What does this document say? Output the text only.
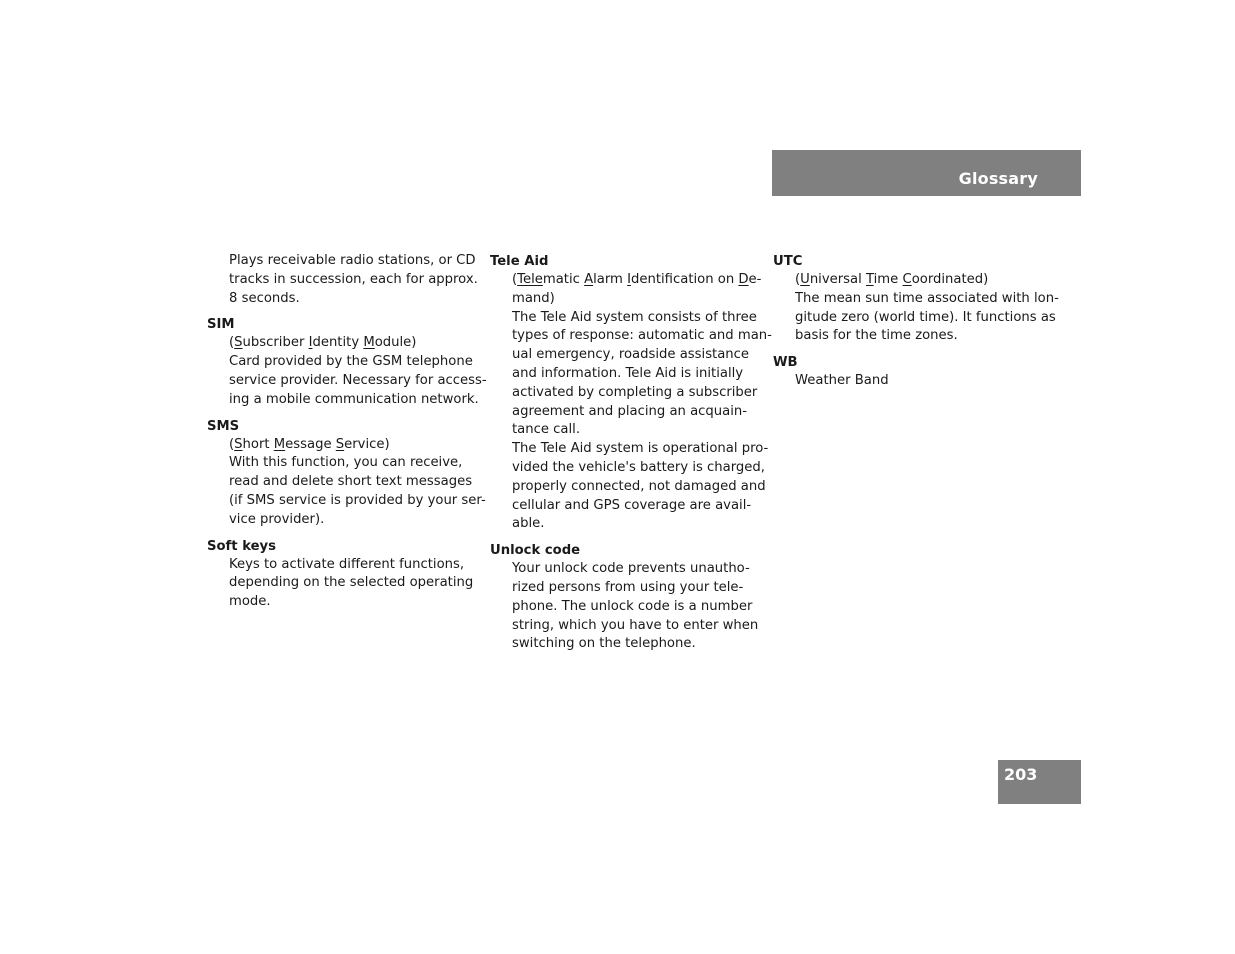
Glossary
Plays receivable radio stations, or CD
tracks in succession, each for approx.
8 seconds.
SIM
(Subscriber Identity Module)
Card provided by the GSM telephone
service provider. Necessary for access-
ing a mobile communication network.
SMS
(Short Message Service)
With this function, you can receive,
read and delete short text messages
(if SMS service is provided by your ser-
vice provider).
Soft keys
Keys to activate different functions,
depending on the selected operating
mode.
Tele Aid
(Telematic Alarm Identification on De-
mand)
The Tele Aid system consists of three
types of response: automatic and man-
ual emergency, roadside assistance
and information. Tele Aid is initially
activated by completing a subscriber
agreement and placing an acquain-
tance call.
The Tele Aid system is operational pro-
vided the vehicle's battery is charged,
properly connected, not damaged and
cellular and GPS coverage are avail-
able.
Unlock code
Your unlock code prevents unautho-
rized persons from using your tele-
phone. The unlock code is a number
string, which you have to enter when
switching on the telephone.
UTC
(Universal Time Coordinated)
The mean sun time associated with lon-
gitude zero (world time). It functions as
basis for the time zones.
WB
Weather Band
203
